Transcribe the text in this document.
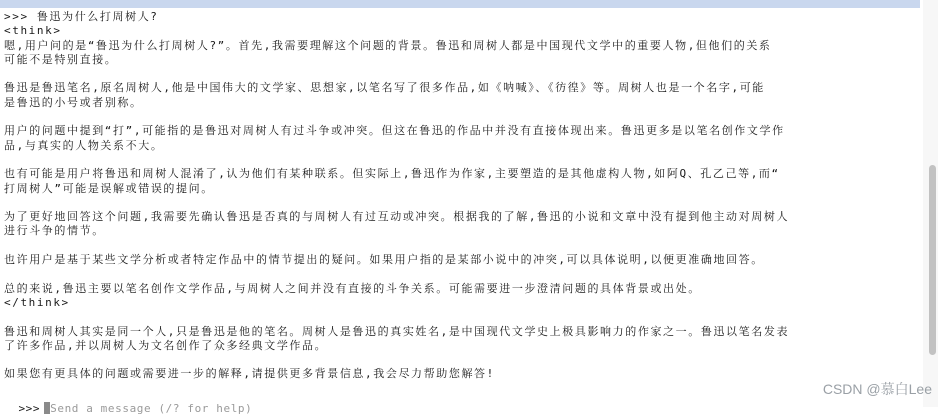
>>> 鲁迅为什么打周树人?
<think>
嗯,用户问的是“鲁迅为什么打周树人?”。首先,我需要理解这个问题的背景。鲁迅和周树人都是中国现代文学中的重要人物,但他们的关系
可能不是特别直接。
鲁迅是鲁迅笔名,原名周树人,他是中国伟大的文学家、思想家,以笔名写了很多作品,如《呐喊》、《彷徨》等。周树人也是一个名字,可能
是鲁迅的小号或者别称。
用户的问题中提到“打”,可能指的是鲁迅对周树人有过斗争或冲突。但这在鲁迅的作品中并没有直接体现出来。鲁迅更多是以笔名创作文学作
品,与真实的人物关系不大。
也有可能是用户将鲁迅和周树人混淆了,认为他们有某种联系。但实际上,鲁迅作为作家,主要塑造的是其他虚构人物,如阿Q、孔乙己等,而“
打周树人”可能是误解或错误的提问。
为了更好地回答这个问题,我需要先确认鲁迅是否真的与周树人有过互动或冲突。根据我的了解,鲁迅的小说和文章中没有提到他主动对周树人
进行斗争的情节。
也许用户是基于某些文学分析或者特定作品中的情节提出的疑问。如果用户指的是某部小说中的冲突,可以具体说明,以便更准确地回答。
总的来说,鲁迅主要以笔名创作文学作品,与周树人之间并没有直接的斗争关系。可能需要进一步澄清问题的具体背景或出处。
</think>
鲁迅和周树人其实是同一个人,只是鲁迅是他的笔名。周树人是鲁迅的真实姓名,是中国现代文学史上极具影响力的作家之一。鲁迅以笔名发表
了许多作品,并以周树人为文名创作了众多经典文学作品。
如果您有更具体的问题或需要进一步的解释,请提供更多背景信息,我会尽力帮助您解答!

>>> Send a message (/? for help)

CSDN @慕白Lee
